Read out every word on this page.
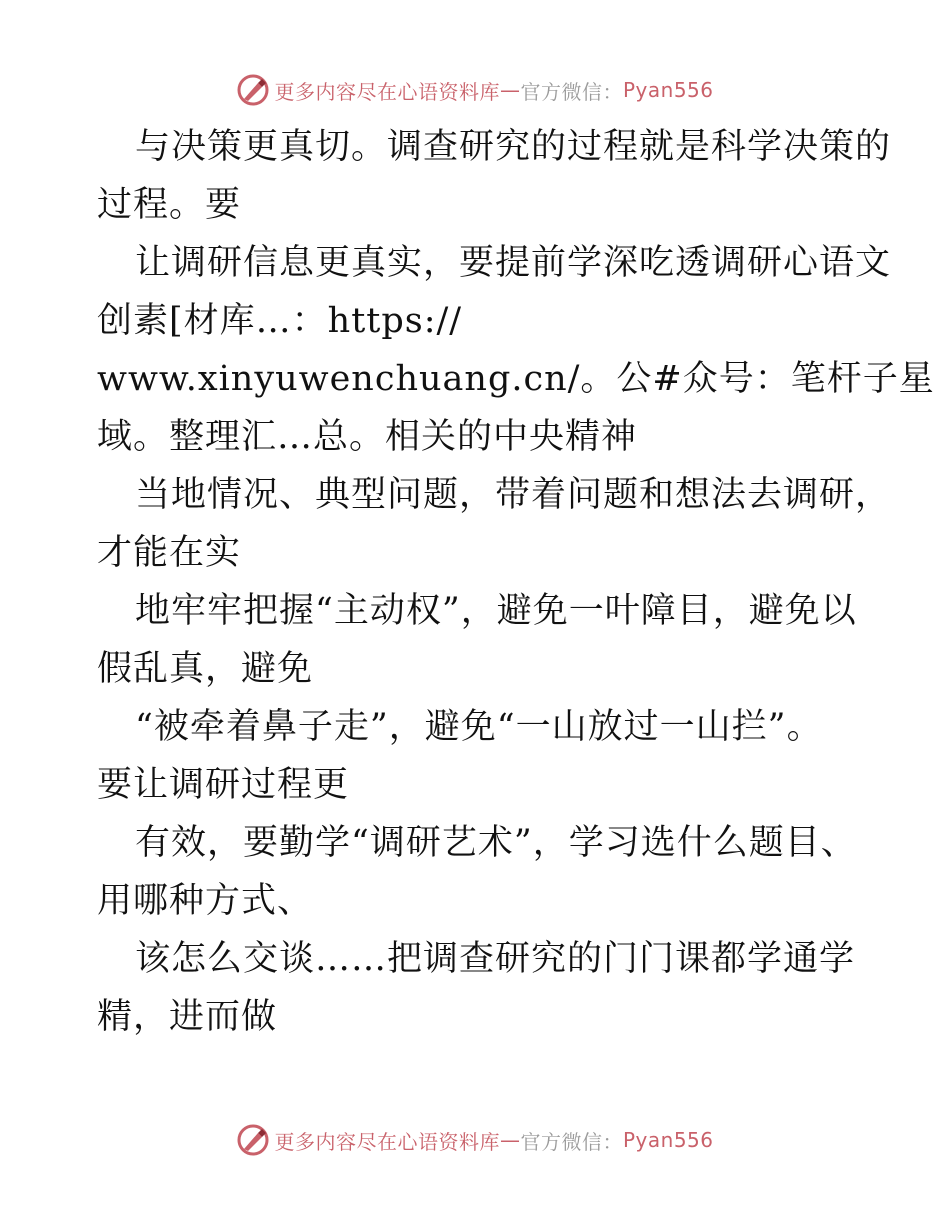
更多内容尽在心语资料库 — 官方微信： Pyan556
与决策更真切。调查研究的过程就是科学决策的
过程。要
让调研信息更真实，要提前学深吃透调研心语文
创素[材库…：https://
www.xinyuwenchuang.cn/。公#众号：笔杆子星
域。整理汇…总。相关的中央精神
当地情况、典型问题，带着问题和想法去调研，
才能在实
地牢牢把握“主动权”，避免一叶障目，避免以
假乱真，避免
“被牵着鼻子走”，避免“一山放过一山拦”。
要让调研过程更
有效，要勤学“调研艺术”，学习选什么题目、
用哪种方式、
该怎么交谈……把调查研究的门门课都学通学
精，进而做
更多内容尽在心语资料库 — 官方微信： Pyan556
